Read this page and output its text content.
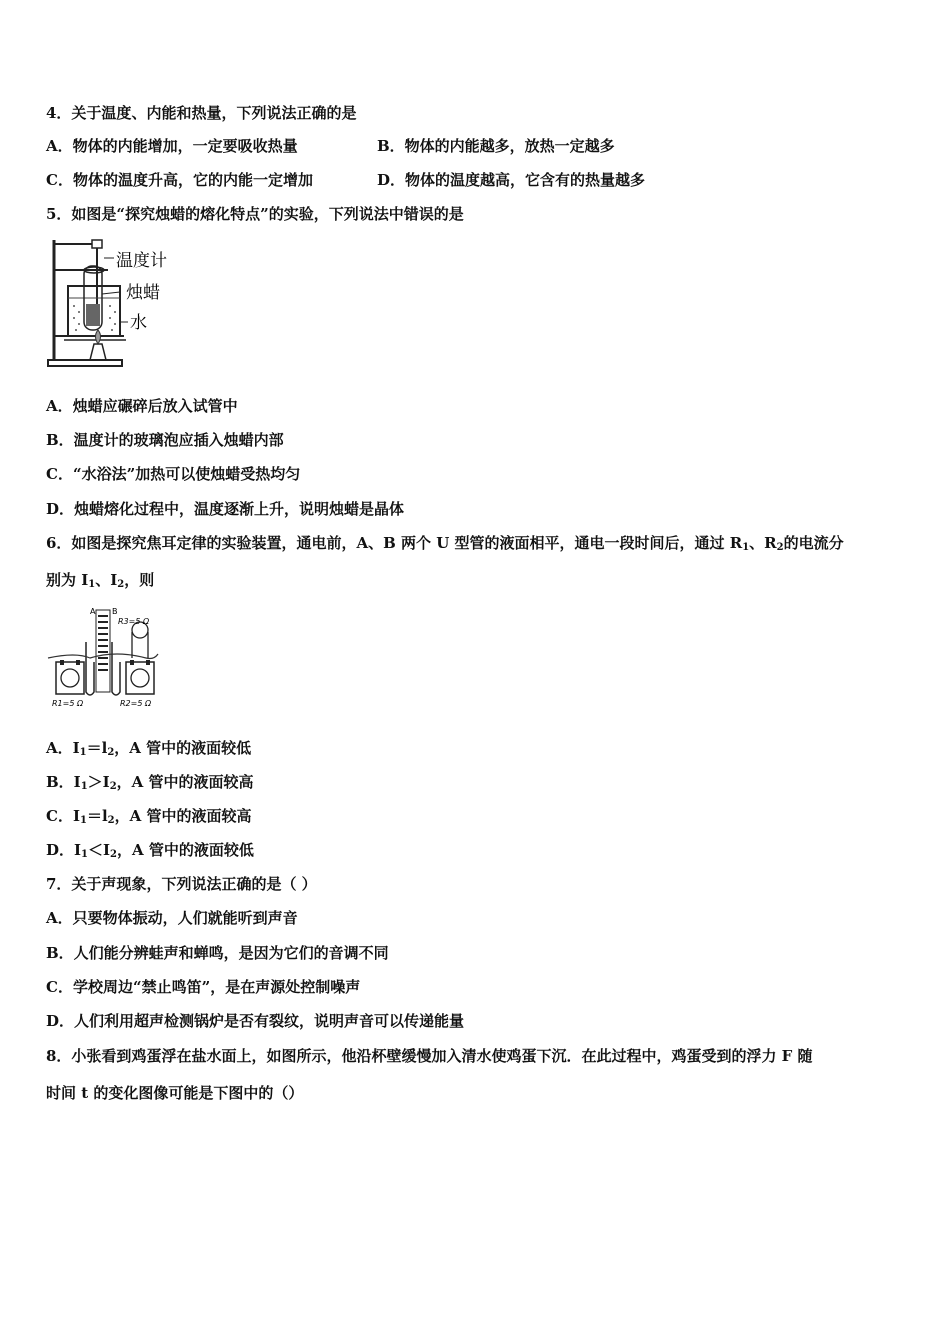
4．关于温度、内能和热量，下列说法正确的是
A．物体的内能增加，一定要吸收热量	B．物体的内能越多，放热一定越多
C．物体的温度升高，它的内能一定增加	D．物体的温度越高，它含有的热量越多
5．如图是“探究烛蜡的熔化特点”的实验，下列说法中错误的是
温度计
烛蜡
水
A．烛蜡应碾碎后放入试管中
B．温度计的玻璃泡应插入烛蜡内部
C．“水浴法”加热可以使烛蜡受热均匀
D．烛蜡熔化过程中，温度逐渐上升，说明烛蜡是晶体
6．如图是探究焦耳定律的实验装置，通电前，A、B 两个 U 型管的液面相平，通电一段时间后，通过 $R_1$、$R_2$的电流分
别为 $I_1$、$I_2$，则
A B
R3=5 Ω
R1=5 Ω	R2=5 Ω
A．$I_1=l_2$，A 管中的液面较低
B．$I_1>I_2$，A 管中的液面较高
C．$I_1=l_2$，A 管中的液面较高
D．$I_1<I_2$，A 管中的液面较低
7．关于声现象，下列说法正确的是（ ）
A．只要物体振动，人们就能听到声音
B．人们能分辨蛙声和蝉鸣，是因为它们的音调不同
C．学校周边“禁止鸣笛”，是在声源处控制噪声
D．人们利用超声检测锅炉是否有裂纹，说明声音可以传递能量
8．小张看到鸡蛋浮在盐水面上，如图所示，他沿杯壁缓慢加入清水使鸡蛋下沉．在此过程中，鸡蛋受到的浮力 F 随
时间 t 的变化图像可能是下图中的（）
